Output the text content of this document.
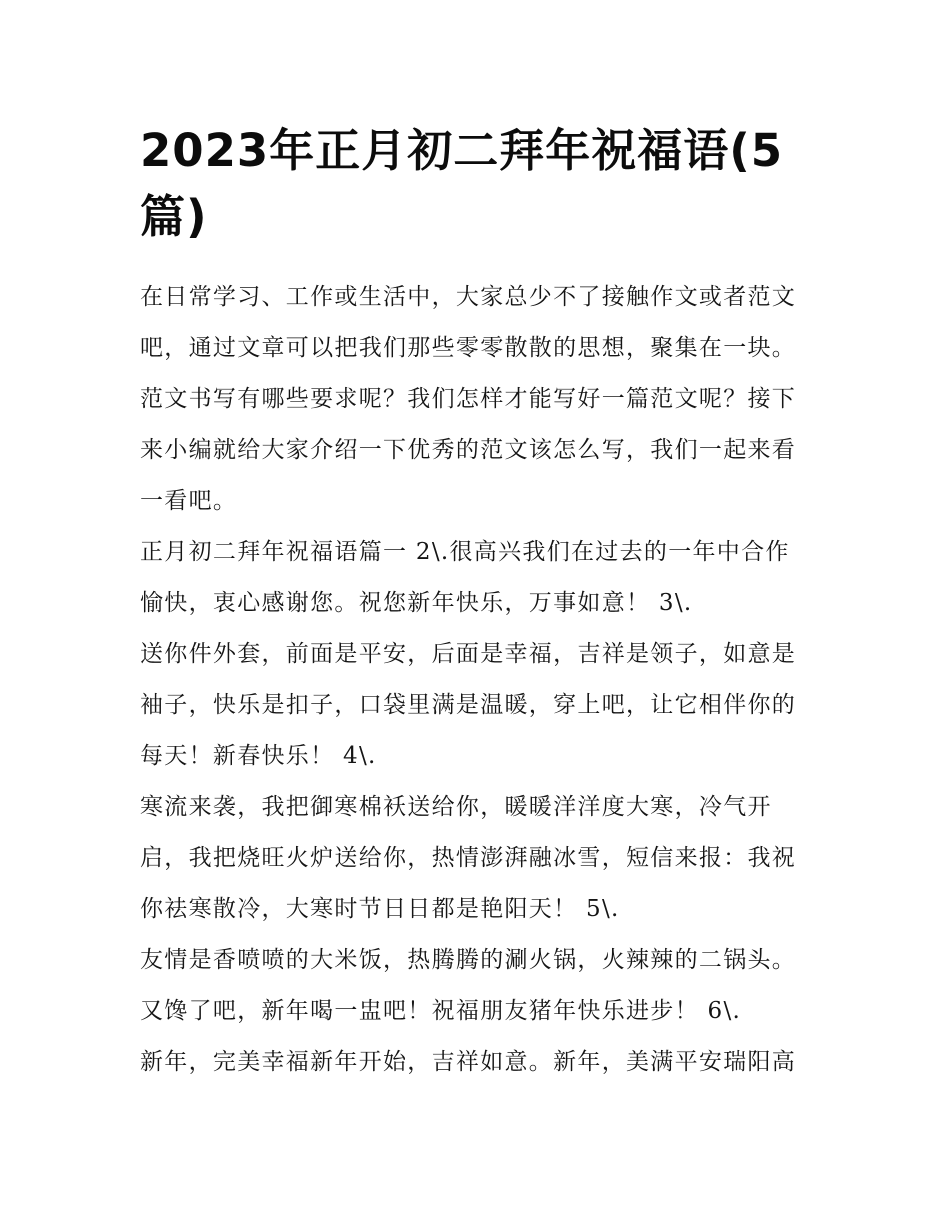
2023年正月初二拜年祝福语(5篇)

在日常学习、工作或生活中，大家总少不了接触作文或者范文
吧，通过文章可以把我们那些零零散散的思想，聚集在一块。
范文书写有哪些要求呢？我们怎样才能写好一篇范文呢？接下
来小编就给大家介绍一下优秀的范文该怎么写，我们一起来看
一看吧。

正月初二拜年祝福语篇一 2\.很高兴我们在过去的一年中合作
愉快，衷心感谢您。祝您新年快乐，万事如意！ 3\.

送你件外套，前面是平安，后面是幸福，吉祥是领子，如意是
袖子，快乐是扣子，口袋里满是温暖，穿上吧，让它相伴你的
每天！新春快乐！ 4\.

寒流来袭，我把御寒棉袄送给你，暖暖洋洋度大寒，冷气开
启，我把烧旺火炉送给你，热情澎湃融冰雪，短信来报：我祝
你祛寒散冷，大寒时节日日都是艳阳天！ 5\.

友情是香喷喷的大米饭，热腾腾的涮火锅，火辣辣的二锅头。
又馋了吧，新年喝一盅吧！祝福朋友猪年快乐进步！ 6\.

新年，完美幸福新年开始，吉祥如意。新年，美满平安瑞阳高
